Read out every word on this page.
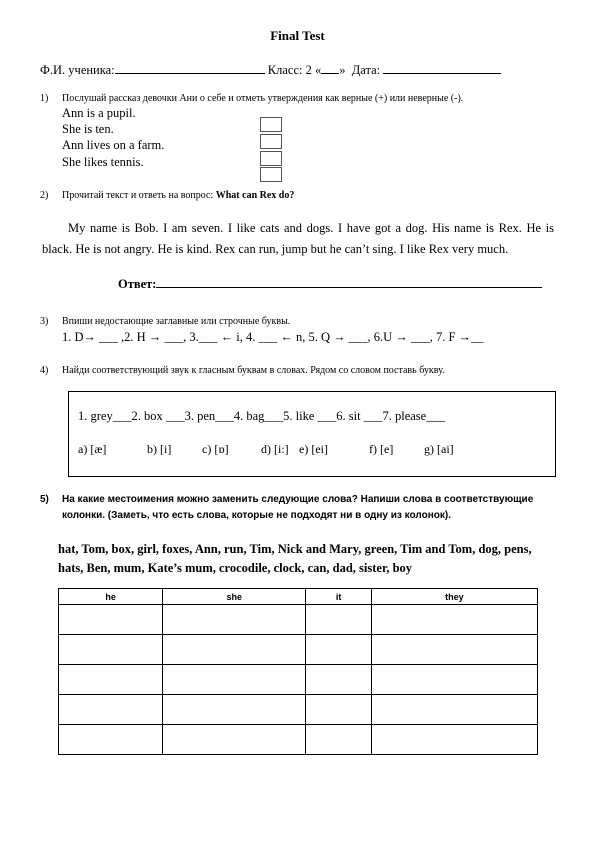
Final Test
Ф.И. ученика:	Класс: 2 « » Дата:
1) Послушай рассказ девочки Ани о себе и отметь утверждения как верные (+) или неверные (-).
Ann is a pupil.
She is ten.
Ann lives on a farm.
She likes tennis.
2) Прочитай текст и ответь на вопрос: What can Rex do?
My name is Bob. I am seven. I like cats and dogs. I have got a dog. His name is Rex. He is black. He is not angry. He is kind. Rex can run, jump but he can’t sing. I like Rex very much.
Ответ:
3) Впиши недостающие заглавные или строчные буквы.
1. D→ ___ ,2. H → ___, 3.___ ← i, 4. ___ ← n, 5. Q → ___, 6.U → ___, 7. F →__
4) Найди соответствующий звук к гласным буквам в словах. Рядом со словом поставь букву.
1. grey___2. box ___3. pen___4. bag___5. like ___6. sit ___7. please___
a) [æ]	b) [i]	c) [ɒ]	d) [i:] e) [ei]	f) [e]	g) [ai]
5) На какие местоимения можно заменить следующие слова? Напиши слова в соответствующие
колонки. (Заметь, что есть слова, которые не подходят ни в одну из колонок).
hat, Tom, box, girl, foxes, Ann, run, Tim, Nick and Mary, green, Tim and Tom, dog, pens, hats, Ben, mum, Kate’s mum, crocodile, clock, can, dad, sister, boy
he	she	it	they
